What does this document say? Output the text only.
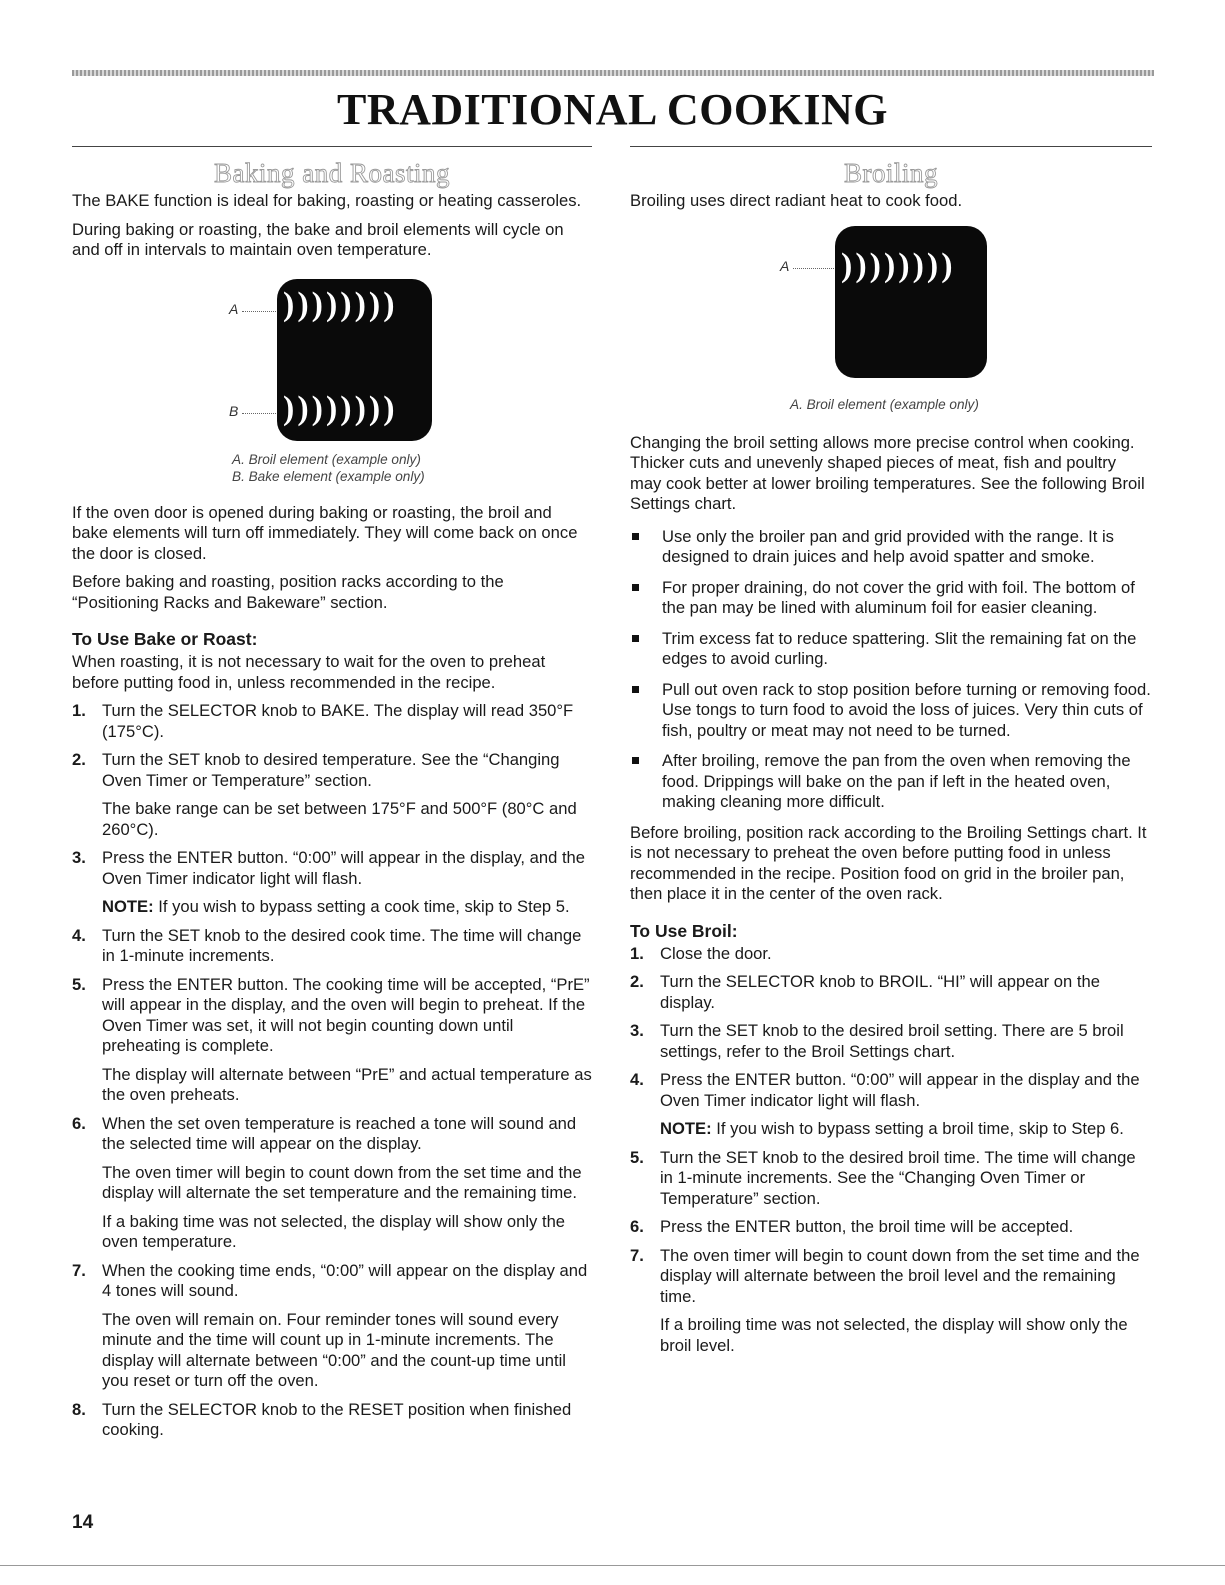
TRADITIONAL COOKING
Baking and Roasting

The BAKE function is ideal for baking, roasting or heating casseroles.

During baking or roasting, the bake and broil elements will cycle on and off in intervals to maintain oven temperature.

A
B
))))))))
))))))))

A. Broil element (example only)

B. Bake element (example only)

If the oven door is opened during baking or roasting, the broil and bake elements will turn off immediately. They will come back on once the door is closed.

Before baking and roasting, position racks according to the “Positioning Racks and Bakeware” section.

To Use Bake or Roast:

When roasting, it is not necessary to wait for the oven to preheat before putting food in, unless recommended in the recipe.

1. Turn the SELECTOR knob to BAKE. The display will read 350°F (175°C).

2. Turn the SET knob to desired temperature. See the “Changing Oven Timer or Temperature” section.

The bake range can be set between 175°F and 500°F (80°C and 260°C).

3. Press the ENTER button. “0:00” will appear in the display, and the Oven Timer indicator light will flash.

NOTE: If you wish to bypass setting a cook time, skip to Step 5.

4. Turn the SET knob to the desired cook time. The time will change in 1-minute increments.

5. Press the ENTER button. The cooking time will be accepted, “PrE” will appear in the display, and the oven will begin to preheat. If the Oven Timer was set, it will not begin counting down until preheating is complete.

The display will alternate between “PrE” and actual temperature as the oven preheats.

6. When the set oven temperature is reached a tone will sound and the selected time will appear on the display.

The oven timer will begin to count down from the set time and the display will alternate the set temperature and the remaining time.

If a baking time was not selected, the display will show only the oven temperature.

7. When the cooking time ends, “0:00” will appear on the display and 4 tones will sound.

The oven will remain on. Four reminder tones will sound every minute and the time will count up in 1-minute increments. The display will alternate between “0:00” and the count-up time until you reset or turn off the oven.

8. Turn the SELECTOR knob to the RESET position when finished cooking.

Broiling

Broiling uses direct radiant heat to cook food.

A ))))))))

A. Broil element (example only)

Changing the broil setting allows more precise control when cooking. Thicker cuts and unevenly shaped pieces of meat, fish and poultry may cook better at lower broiling temperatures. See the following Broil Settings chart.

Use only the broiler pan and grid provided with the range. It is designed to drain juices and help avoid spatter and smoke.

For proper draining, do not cover the grid with foil. The bottom of the pan may be lined with aluminum foil for easier cleaning.

Trim excess fat to reduce spattering. Slit the remaining fat on the edges to avoid curling.

Pull out oven rack to stop position before turning or removing food. Use tongs to turn food to avoid the loss of juices. Very thin cuts of fish, poultry or meat may not need to be turned.

After broiling, remove the pan from the oven when removing the food. Drippings will bake on the pan if left in the heated oven, making cleaning more difficult.

Before broiling, position rack according to the Broiling Settings chart. It is not necessary to preheat the oven before putting food in unless recommended in the recipe. Position food on grid in the broiler pan, then place it in the center of the oven rack.

To Use Broil:
1. Close the door.

2. Turn the SELECTOR knob to BROIL. “HI” will appear on the display.

3. Turn the SET knob to the desired broil setting. There are 5 broil settings, refer to the Broil Settings chart.

4. Press the ENTER button. “0:00” will appear in the display and the Oven Timer indicator light will flash.

NOTE: If you wish to bypass setting a broil time, skip to Step 6.

5. Turn the SET knob to the desired broil time. The time will change in 1-minute increments. See the “Changing Oven Timer or Temperature” section.

6. Press the ENTER button, the broil time will be accepted.

7. The oven timer will begin to count down from the set time and the display will alternate between the broil level and the remaining time.

If a broiling time was not selected, the display will show only the broil level.

14
